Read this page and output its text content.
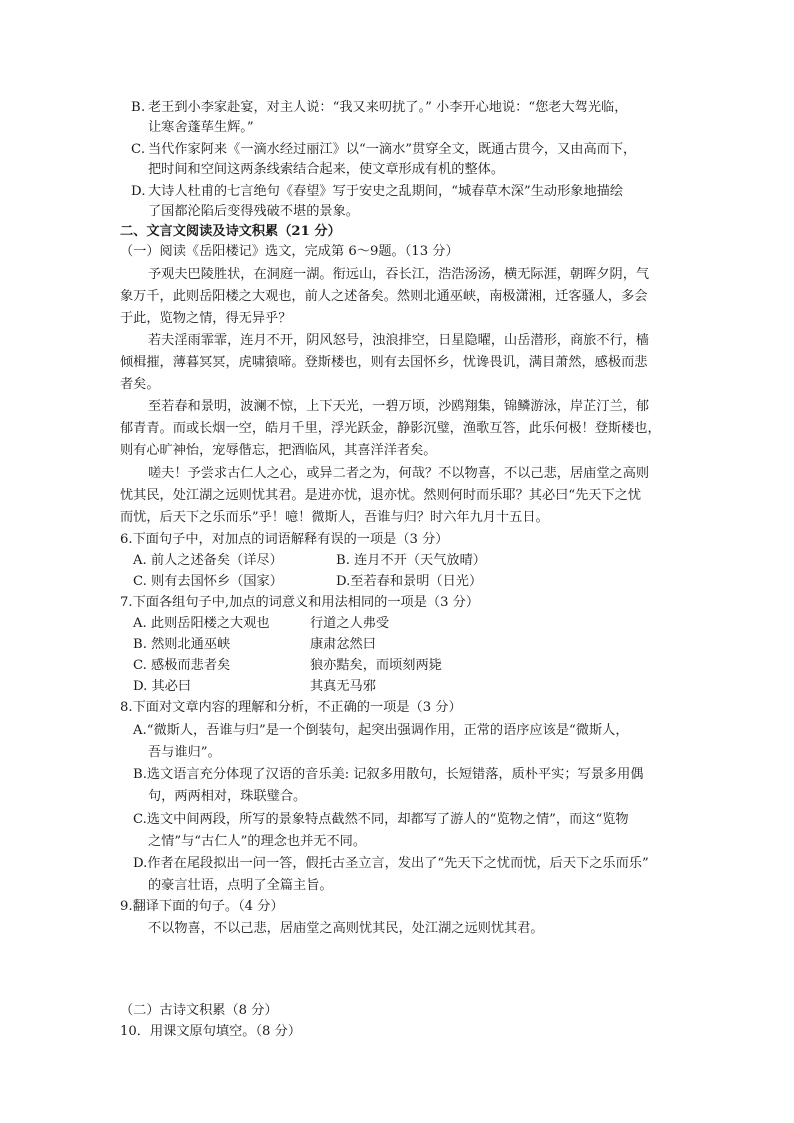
B. 老王到小李家赴宴，对主人说：“我又来叨扰了。” 小李开心地说：“您老大驾光临，
让寒舍蓬荜生辉。”
C. 当代作家阿来《一滴水经过丽江》以“一滴水”贯穿全文，既通古贯今，又由高而下，
把时间和空间这两条线索结合起来，使文章形成有机的整体。
D. 大诗人杜甫的七言绝句《春望》写于安史之乱期间，“城春草木深”生动形象地描绘
了国都沦陷后变得残破不堪的景象。
二、文言文阅读及诗文积累（21 分）
（一）阅读《岳阳楼记》选文，完成第 6～9题。（13 分）
予观夫巴陵胜状，在洞庭一湖。衔远山，吞长江，浩浩汤汤，横无际涯，朝晖夕阴，气
象万千，此则岳阳楼之大观也，前人之述备矣。然则北通巫峡，南极潇湘，迁客骚人，多会
于此，览物之情，得无异乎？
若夫淫雨霏霏，连月不开，阴风怒号，浊浪排空，日星隐曜，山岳潜形，商旅不行，樯
倾楫摧，薄暮冥冥，虎啸猿啼。登斯楼也，则有去国怀乡，忧谗畏讥，满目萧然，感极而悲
者矣。
至若春和景明，波澜不惊，上下天光，一碧万顷，沙鸥翔集，锦鳞游泳，岸芷汀兰，郁
郁青青。而或长烟一空，皓月千里，浮光跃金，静影沉璧，渔歌互答，此乐何极！登斯楼也，
则有心旷神怡，宠辱偕忘，把酒临风，其喜洋洋者矣。
嗟夫！予尝求古仁人之心，或异二者之为，何哉？不以物喜，不以己悲，居庙堂之高则
忧其民，处江湖之远则忧其君。是进亦忧，退亦忧。然则何时而乐耶？其必曰“先天下之忧
而忧，后天下之乐而乐”乎！噫！微斯人，吾谁与归？时六年九月十五日。
6.下面句子中，对加点的词语解释有误的一项是（3 分）
A. 前人之述备矣（详尽）	B. 连月不开（天气放晴）
C. 则有去国怀乡（国家）	D.至若春和景明（日光）
7.下面各组句子中,加点的词意义和用法相同的一项是（3 分）
A. 此则岳阳楼之大观也	行道之人弗受
B. 然则北通巫峡	康肃忿然曰
C. 感极而悲者矣	狼亦黠矣，而顷刻两毙
D. 其必曰	其真无马邪
8.下面对文章内容的理解和分析，不正确的一项是（3 分）
A.“微斯人，吾谁与归”是一个倒装句，起突出强调作用，正常的语序应该是“微斯人，
吾与谁归”。
B.选文语言充分体现了汉语的音乐美: 记叙多用散句，长短错落，质朴平实；写景多用偶
句，两两相对，珠联璧合。
C.选文中间两段，所写的景象特点截然不同，却都写了游人的“览物之情”，而这“览物
之情”与“古仁人”的理念也并无不同。
D.作者在尾段拟出一问一答，假托古圣立言，发出了“先天下之忧而忧，后天下之乐而乐”
的豪言壮语，点明了全篇主旨。
9.翻译下面的句子。（4 分）
不以物喜，不以己悲，居庙堂之高则忧其民，处江湖之远则忧其君。
（二）古诗文积累（8 分）
10．用课文原句填空。（8 分）
